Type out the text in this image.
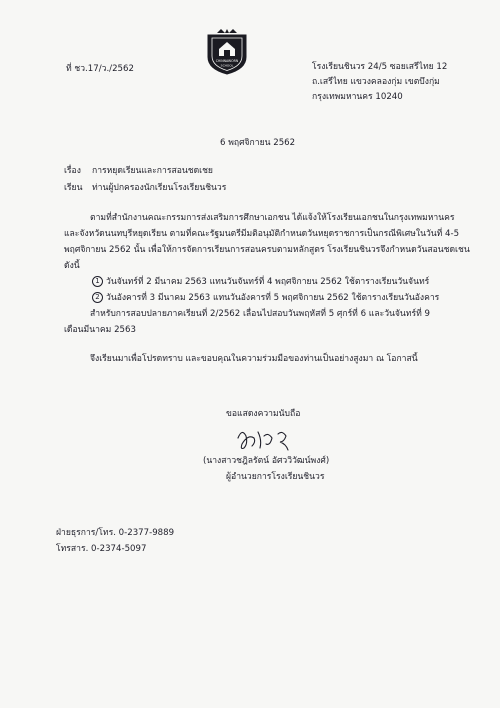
ที่ ชว.17/ว./2562
CHINNAWORN
SCHOOL	โรงเรียนชินวร 24/5 ซอยเสรีไทย 12
ถ.เสรีไทย แขวงคลองกุ่ม เขตบึงกุ่ม
กรุงเทพมหานคร 10240
6 พฤศจิกายน 2562
เรื่อง การหยุดเรียนและการสอนชดเชย
เรียน ท่านผู้ปกครองนักเรียนโรงเรียนชินวร
ตามที่สำนักงานคณะกรรมการส่งเสริมการศึกษาเอกชน ได้แจ้งให้โรงเรียนเอกชนในกรุงเทพมหานคร
และจังหวัดนนทบุรีหยุดเรียน ตามที่คณะรัฐมนตรีมีมติอนุมัติกำหนดวันหยุดราชการเป็นกรณีพิเศษในวันที่ 4-5
พฤศจิกายน 2562 นั้น เพื่อให้การจัดการเรียนการสอนครบตามหลักสูตร โรงเรียนชินวรจึงกำหนดวันสอนชดเชน
ดังนี้
1 วันจันทร์ที่ 2 มีนาคม 2563 แทนวันจันทร์ที่ 4 พฤศจิกายน 2562 ใช้ตารางเรียนวันจันทร์
2 วันอังคารที่ 3 มีนาคม 2563 แทนวันอังคารที่ 5 พฤศจิกายน 2562 ใช้ตารางเรียนวันอังคาร
สำหรับการสอบปลายภาคเรียนที่ 2/2562 เลื่อนไปสอบวันพฤหัสที่ 5 ศุกร์ที่ 6 และวันจันทร์ที่ 9
เดือนมีนาคม 2563
จึงเรียนมาเพื่อโปรดทราบ และขอบคุณในความร่วมมือของท่านเป็นอย่างสูงมา ณ โอกาสนี้
ขอแสดงความนับถือ
(นางสาวชฎิลรัตน์ อัศววิวัฒน์พงศ์)
ผู้อำนวยการโรงเรียนชินวร
ฝ่ายธุรการ/โทร. 0-2377-9889
โทรสาร. 0-2374-5097
